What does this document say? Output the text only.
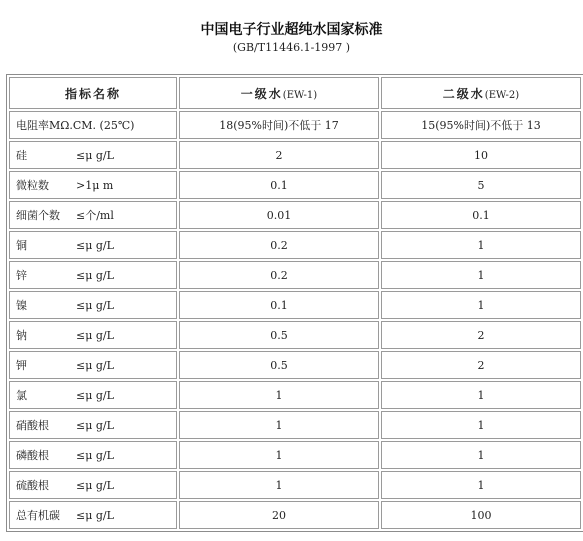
中国电子行业超纯水国家标准

(GB/T11446.1-1997 )

指标名称	一级水(EW-1)	二级水(EW-2)
电阻率MΩ.CM. (25℃)	18(95%时间)不低于 17	15(95%时间)不低于 13
硅 ≤μ g/L	2	10
微粒数 >1μ m	0.1	5
细菌个数 ≤个/ml	0.01	0.1
铜 ≤μ g/L	0.2	1
锌 ≤μ g/L	0.2	1
镍 ≤μ g/L	0.1	1
钠 ≤μ g/L	0.5	2
钾 ≤μ g/L	0.5	2
氯 ≤μ g/L	1	1
硝酸根 ≤μ g/L	1	1
磷酸根 ≤μ g/L	1	1
硫酸根 ≤μ g/L	1	1
总有机碳 ≤μ g/L	20	100
